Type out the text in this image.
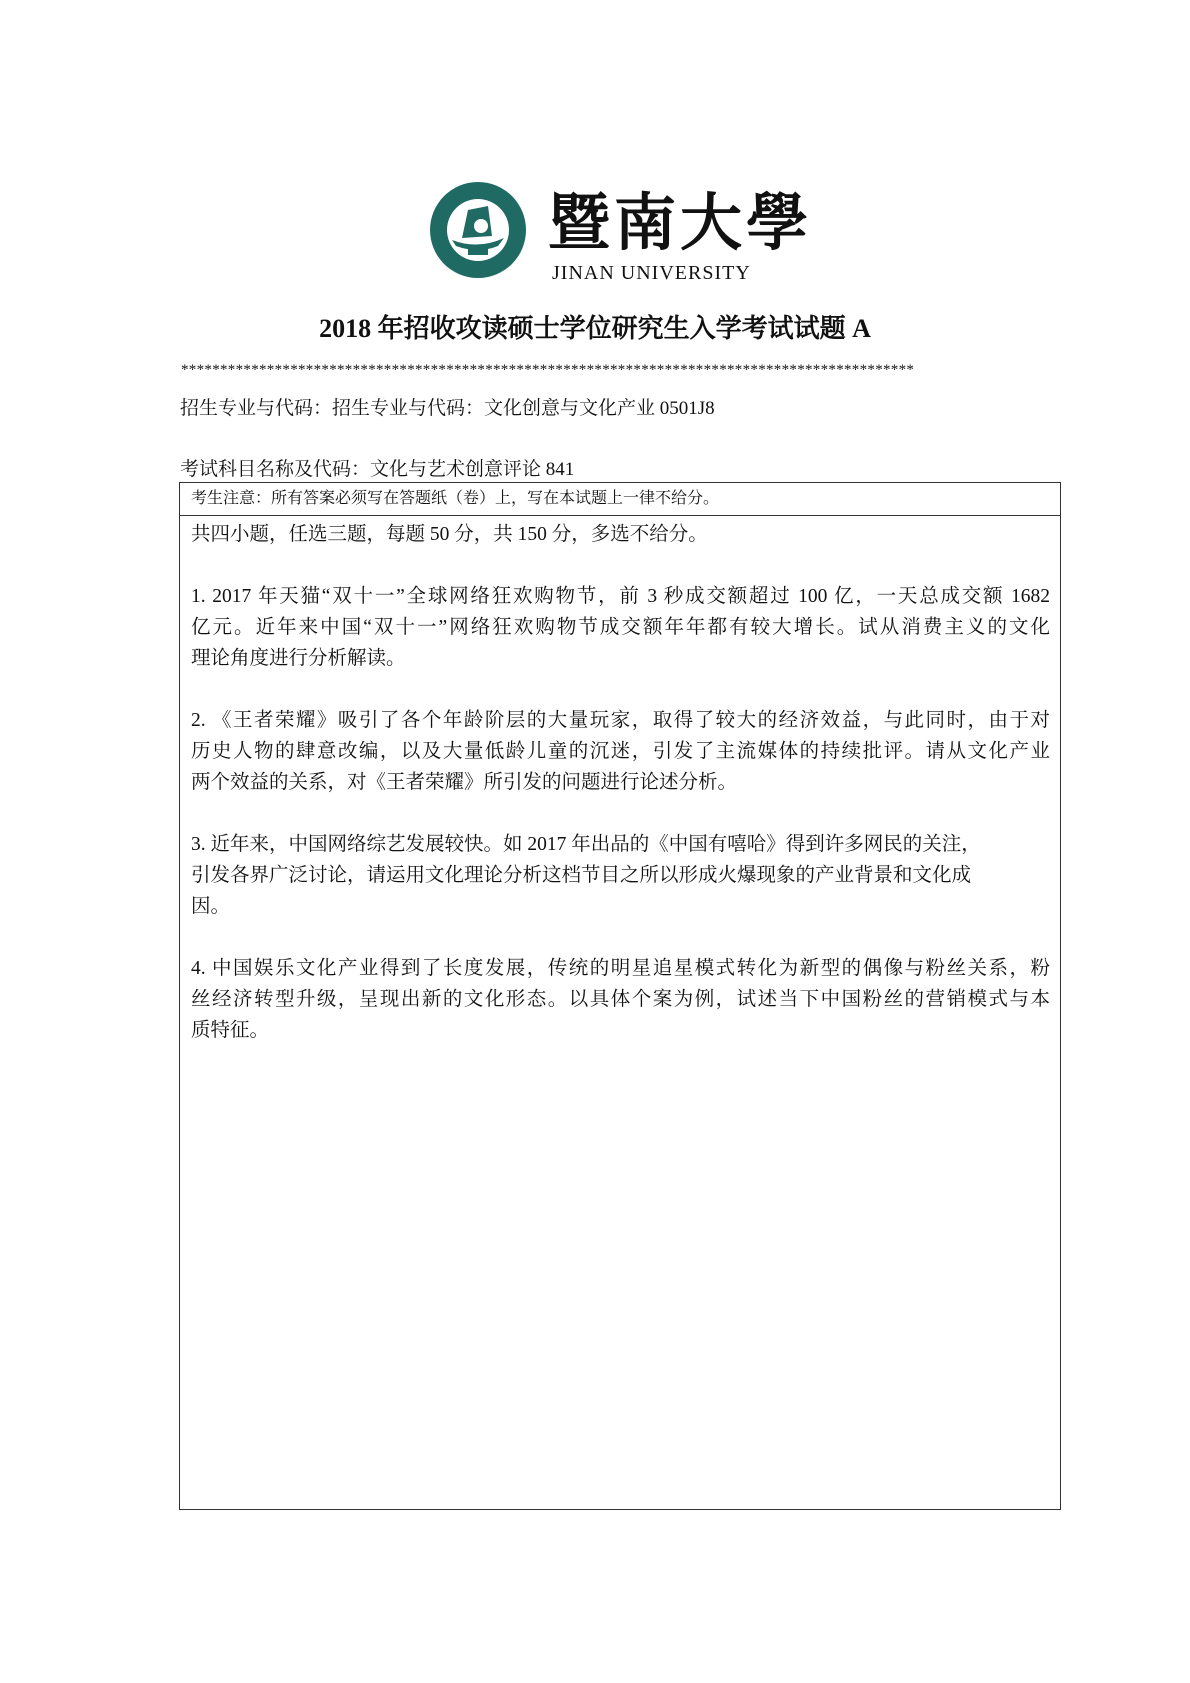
暨南大學
JINAN UNIVERSITY
2018 年招收攻读硕士学位研究生入学考试试题 A
**********************************************************************************************
招生专业与代码：招生专业与代码：文化创意与文化产业 0501J8
考试科目名称及代码：文化与艺术创意评论 841
考生注意：所有答案必须写在答题纸（卷）上，写在本试题上一律不给分。
共四小题，任选三题，每题 50 分，共 150 分，多选不给分。
1. 2017 年天猫“双十一”全球网络狂欢购物节，前 3 秒成交额超过 100 亿，一天总成交额 1682
亿元。近年来中国“双十一”网络狂欢购物节成交额年年都有较大增长。试从消费主义的文化
理论角度进行分析解读。
2. 《王者荣耀》吸引了各个年龄阶层的大量玩家，取得了较大的经济效益，与此同时，由于对
历史人物的肆意改编，以及大量低龄儿童的沉迷，引发了主流媒体的持续批评。请从文化产业
两个效益的关系，对《王者荣耀》所引发的问题进行论述分析。
3. 近年来，中国网络综艺发展较快。如 2017 年出品的《中国有嘻哈》得到许多网民的关注，
引发各界广泛讨论，请运用文化理论分析这档节目之所以形成火爆现象的产业背景和文化成
因。
4. 中国娱乐文化产业得到了长度发展，传统的明星追星模式转化为新型的偶像与粉丝关系，粉
丝经济转型升级，呈现出新的文化形态。以具体个案为例，试述当下中国粉丝的营销模式与本
质特征。
